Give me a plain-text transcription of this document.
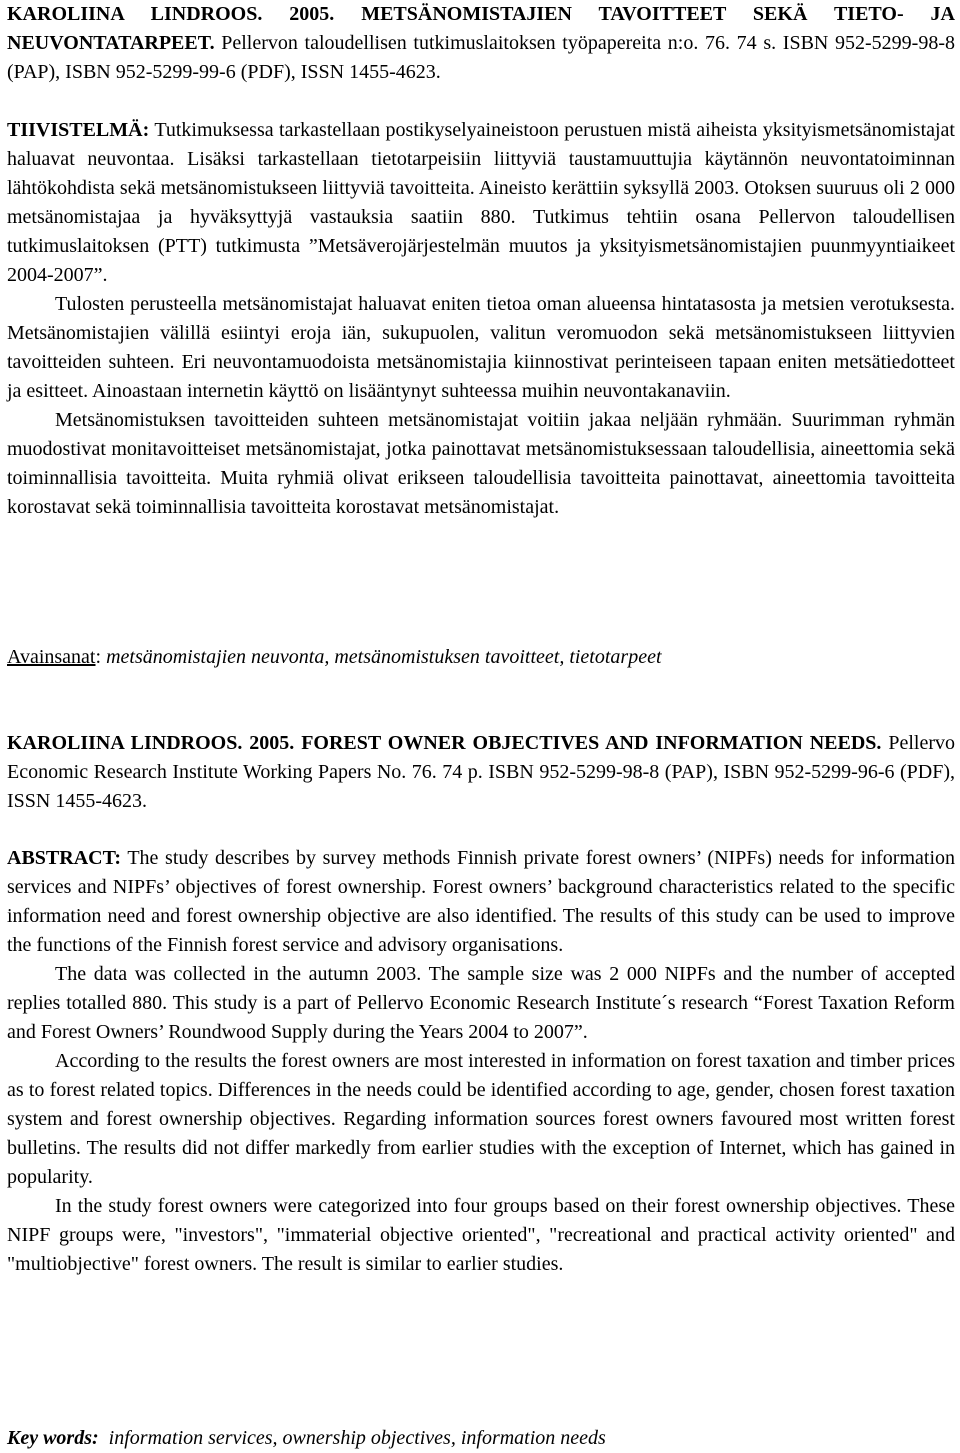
KAROLIINA LINDROOS. 2005. METSÄNOMISTAJIEN TAVOITTEET SEKÄ TIETO- JA NEUVONTATARPEET. Pellervon taloudellisen tutkimuslaitoksen työpapereita n:o. 76. 74 s. ISBN 952-5299-98-8 (PAP), ISBN 952-5299-99-6 (PDF), ISSN 1455-4623.

TIIVISTELMÄ: Tutkimuksessa tarkastellaan postikyselyaineistoon perustuen mistä aiheista yksityismetsänomistajat haluavat neuvontaa. Lisäksi tarkastellaan tietotarpeisiin liittyviä taustamuuttujia käytännön neuvontatoiminnan lähtökohdista sekä metsänomistukseen liittyviä tavoitteita. Aineisto kerättiin syksyllä 2003. Otoksen suuruus oli 2 000 metsänomistajaa ja hyväksyttyjä vastauksia saatiin 880. Tutkimus tehtiin osana Pellervon taloudellisen tutkimuslaitoksen (PTT) tutkimusta ”Metsäverojärjestelmän muutos ja yksityismetsänomistajien puunmyyntiaikeet 2004-2007”.

Tulosten perusteella metsänomistajat haluavat eniten tietoa oman alueensa hintatasosta ja metsien verotuksesta. Metsänomistajien välillä esiintyi eroja iän, sukupuolen, valitun veromuodon sekä metsänomistukseen liittyvien tavoitteiden suhteen. Eri neuvontamuodoista metsänomistajia kiinnostivat perinteiseen tapaan eniten metsätiedotteet ja esitteet. Ainoastaan internetin käyttö on lisääntynyt suhteessa muihin neuvontakanaviin.

Metsänomistuksen tavoitteiden suhteen metsänomistajat voitiin jakaa neljään ryhmään. Suurimman ryhmän muodostivat monitavoitteiset metsänomistajat, jotka painottavat metsänomistuksessaan taloudellisia, aineettomia sekä toiminnallisia tavoitteita. Muita ryhmiä olivat erikseen taloudellisia tavoitteita painottavat, aineettomia tavoitteita korostavat sekä toiminnallisia tavoitteita korostavat metsänomistajat.

Avainsanat: metsänomistajien neuvonta, metsänomistuksen tavoitteet, tietotarpeet

KAROLIINA LINDROOS. 2005. FOREST OWNER OBJECTIVES AND INFORMATION NEEDS. Pellervo Economic Research Institute Working Papers No. 76. 74 p. ISBN 952-5299-98-8 (PAP), ISBN 952-5299-96-6 (PDF), ISSN 1455-4623.

ABSTRACT: The study describes by survey methods Finnish private forest owners’ (NIPFs) needs for information services and NIPFs’ objectives of forest ownership. Forest owners’ background characteristics related to the specific information need and forest ownership objective are also identified. The results of this study can be used to improve the functions of the Finnish forest service and advisory organisations.

The data was collected in the autumn 2003. The sample size was 2 000 NIPFs and the number of accepted replies totalled 880. This study is a part of Pellervo Economic Research Institute´s research “Forest Taxation Reform and Forest Owners’ Roundwood Supply during the Years 2004 to 2007”.

According to the results the forest owners are most interested in information on forest taxation and timber prices as to forest related topics. Differences in the needs could be identified according to age, gender, chosen forest taxation system and forest ownership objectives. Regarding information sources forest owners favoured most written forest bulletins. The results did not differ markedly from earlier studies with the exception of Internet, which has gained in popularity.

In the study forest owners were categorized into four groups based on their forest ownership objectives. These NIPF groups were, "investors", "immaterial objective oriented", "recreational and practical activity oriented" and "multiobjective" forest owners. The result is similar to earlier studies.

Key words: information services, ownership objectives, information needs
